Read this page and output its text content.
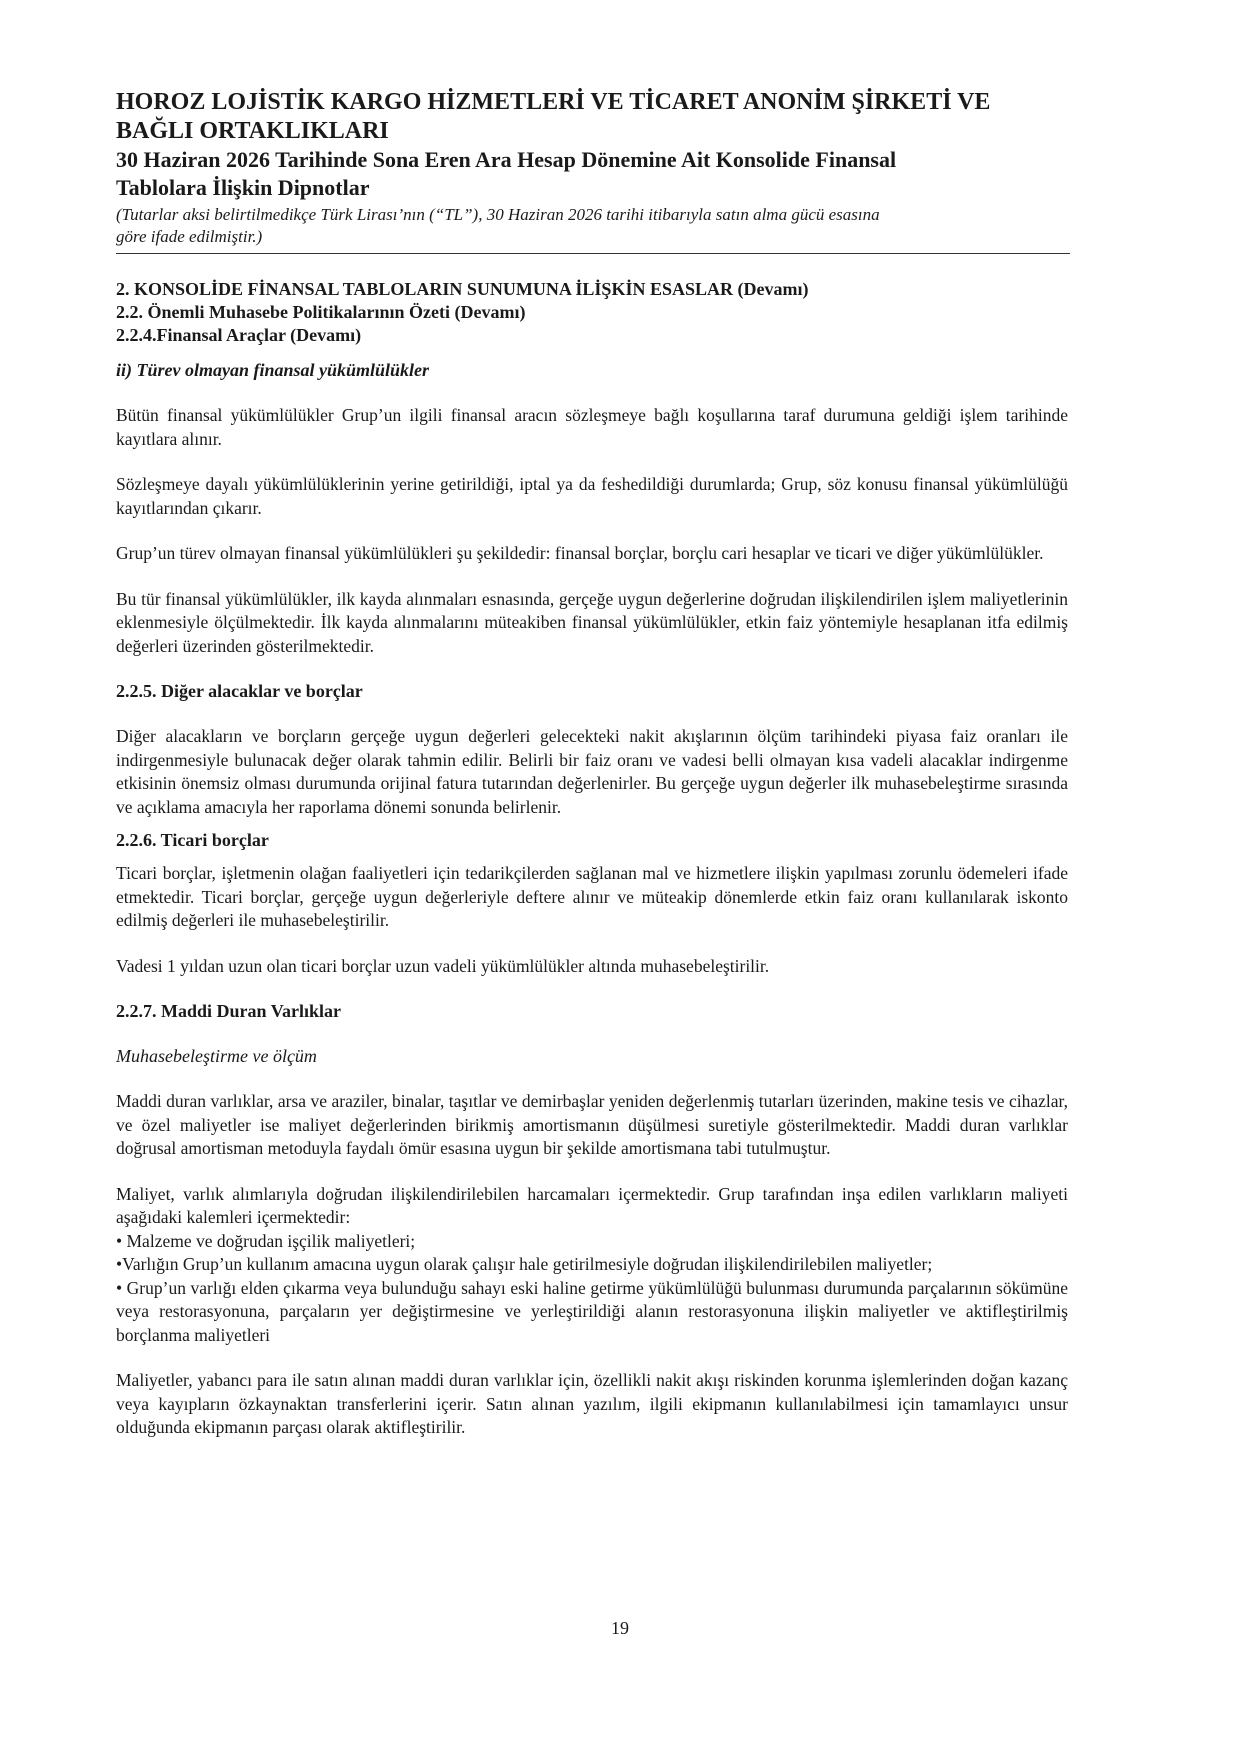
HOROZ LOJİSTİK KARGO HİZMETLERİ VE TİCARET ANONİM ŞİRKETİ VE

BAĞLI ORTAKLIKLARI

30 Haziran 2026 Tarihinde Sona Eren Ara Hesap Dönemine Ait Konsolide Finansal

Tablolara İlişkin Dipnotlar

(Tutarlar aksi belirtilmedikçe Türk Lirası’nın (“TL”), 30 Haziran 2026 tarihi itibarıyla satın alma gücü esasına

göre ifade edilmiştir.)

2. KONSOLİDE FİNANSAL TABLOLARIN SUNUMUNA İLİŞKİN ESASLAR (Devamı)

2.2. Önemli Muhasebe Politikalarının Özeti (Devamı)

2.2.4.Finansal Araçlar (Devamı)

ii) Türev olmayan finansal yükümlülükler

Bütün finansal yükümlülükler Grup’un ilgili finansal aracın sözleşmeye bağlı koşullarına taraf durumuna geldiği işlem tarihinde kayıtlara alınır.

Sözleşmeye dayalı yükümlülüklerinin yerine getirildiği, iptal ya da feshedildiği durumlarda; Grup, söz konusu finansal yükümlülüğü kayıtlarından çıkarır.

Grup’un türev olmayan finansal yükümlülükleri şu şekildedir: finansal borçlar, borçlu cari hesaplar ve ticari ve diğer yükümlülükler.

Bu tür finansal yükümlülükler, ilk kayda alınmaları esnasında, gerçeğe uygun değerlerine doğrudan ilişkilendirilen işlem maliyetlerinin eklenmesiyle ölçülmektedir. İlk kayda alınmalarını müteakiben finansal yükümlülükler, etkin faiz yöntemiyle hesaplanan itfa edilmiş değerleri üzerinden gösterilmektedir.

2.2.5. Diğer alacaklar ve borçlar

Diğer alacakların ve borçların gerçeğe uygun değerleri gelecekteki nakit akışlarının ölçüm tarihindeki piyasa faiz oranları ile indirgenmesiyle bulunacak değer olarak tahmin edilir. Belirli bir faiz oranı ve vadesi belli olmayan kısa vadeli alacaklar indirgenme etkisinin önemsiz olması durumunda orijinal fatura tutarından değerlenirler. Bu gerçeğe uygun değerler ilk muhasebeleştirme sırasında ve açıklama amacıyla her raporlama dönemi sonunda belirlenir.

2.2.6. Ticari borçlar

Ticari borçlar, işletmenin olağan faaliyetleri için tedarikçilerden sağlanan mal ve hizmetlere ilişkin yapılması zorunlu ödemeleri ifade etmektedir. Ticari borçlar, gerçeğe uygun değerleriyle deftere alınır ve müteakip dönemlerde etkin faiz oranı kullanılarak iskonto edilmiş değerleri ile muhasebeleştirilir.

Vadesi 1 yıldan uzun olan ticari borçlar uzun vadeli yükümlülükler altında muhasebeleştirilir.

2.2.7. Maddi Duran Varlıklar

Muhasebeleştirme ve ölçüm

Maddi duran varlıklar, arsa ve araziler, binalar, taşıtlar ve demirbaşlar yeniden değerlenmiş tutarları üzerinden, makine tesis ve cihazlar, ve özel maliyetler ise maliyet değerlerinden birikmiş amortismanın düşülmesi suretiyle gösterilmektedir. Maddi duran varlıklar doğrusal amortisman metoduyla faydalı ömür esasına uygun bir şekilde amortismana tabi tutulmuştur.

Maliyet, varlık alımlarıyla doğrudan ilişkilendirilebilen harcamaları içermektedir. Grup tarafından inşa edilen varlıkların maliyeti aşağıdaki kalemleri içermektedir:

• Malzeme ve doğrudan işçilik maliyetleri;

•Varlığın Grup’un kullanım amacına uygun olarak çalışır hale getirilmesiyle doğrudan ilişkilendirilebilen maliyetler;

• Grup’un varlığı elden çıkarma veya bulunduğu sahayı eski haline getirme yükümlülüğü bulunması durumunda parçalarının sökümüne veya restorasyonuna, parçaların yer değiştirmesine ve yerleştirildiği alanın restorasyonuna ilişkin maliyetler ve aktifleştirilmiş borçlanma maliyetleri

Maliyetler, yabancı para ile satın alınan maddi duran varlıklar için, özellikli nakit akışı riskinden korunma işlemlerinden doğan kazanç veya kayıpların özkaynaktan transferlerini içerir. Satın alınan yazılım, ilgili ekipmanın kullanılabilmesi için tamamlayıcı unsur olduğunda ekipmanın parçası olarak aktifleştirilir.

19
